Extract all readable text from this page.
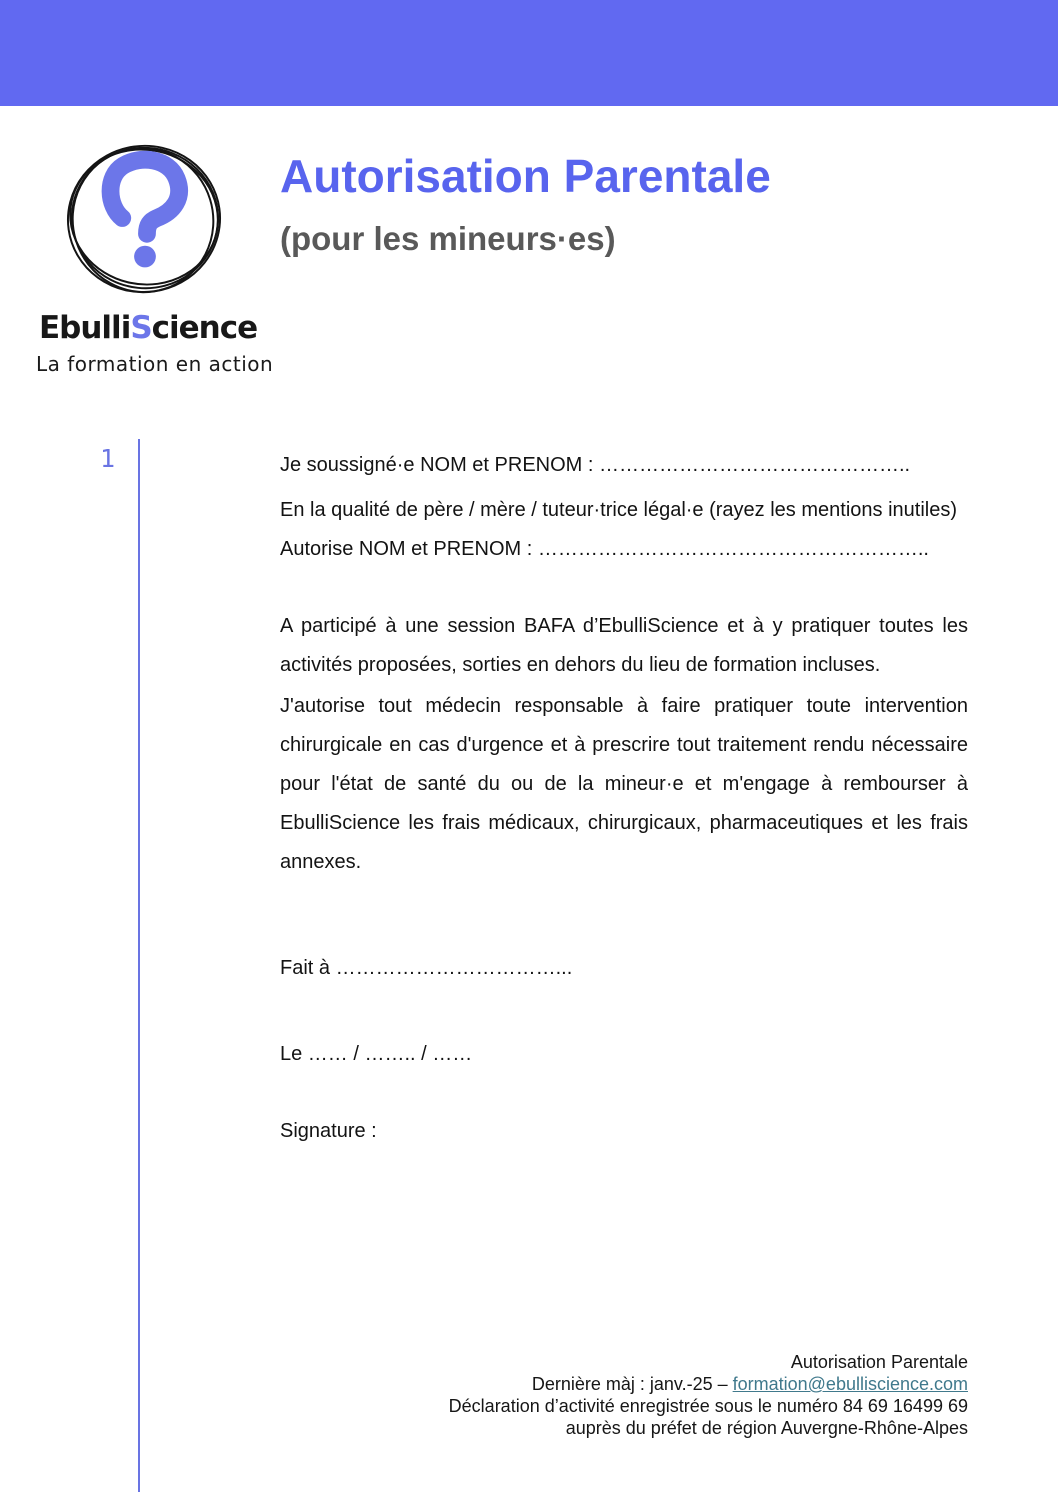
EbulliScience
La formation en action
Autorisation Parentale
(pour les mineurs·es)
1	Je soussigné·e NOM et PRENOM : ………………………………………..

En la qualité de père / mère / tuteur·trice légal·e (rayez les mentions inutiles)

Autorise NOM et PRENOM : …………………………………………………..

A participé à une session BAFA d’EbulliScience et à y pratiquer toutes les activités proposées, sorties en dehors du lieu de formation incluses.

J'autorise tout médecin responsable à faire pratiquer toute intervention chirurgicale en cas d'urgence et à prescrire tout traitement rendu nécessaire pour l'état de santé du ou de la mineur·e et m'engage à rembourser à EbulliScience les frais médicaux, chirurgicaux, pharmaceutiques et les frais annexes.

Fait à ……………………………...

Le …… / …….. / ……

Signature :

Autorisation Parentale
Dernière màj : janv.-25 – formation@ebulliscience.com
Déclaration d’activité enregistrée sous le numéro 84 69 16499 69
auprès du préfet de région Auvergne-Rhône-Alpes
